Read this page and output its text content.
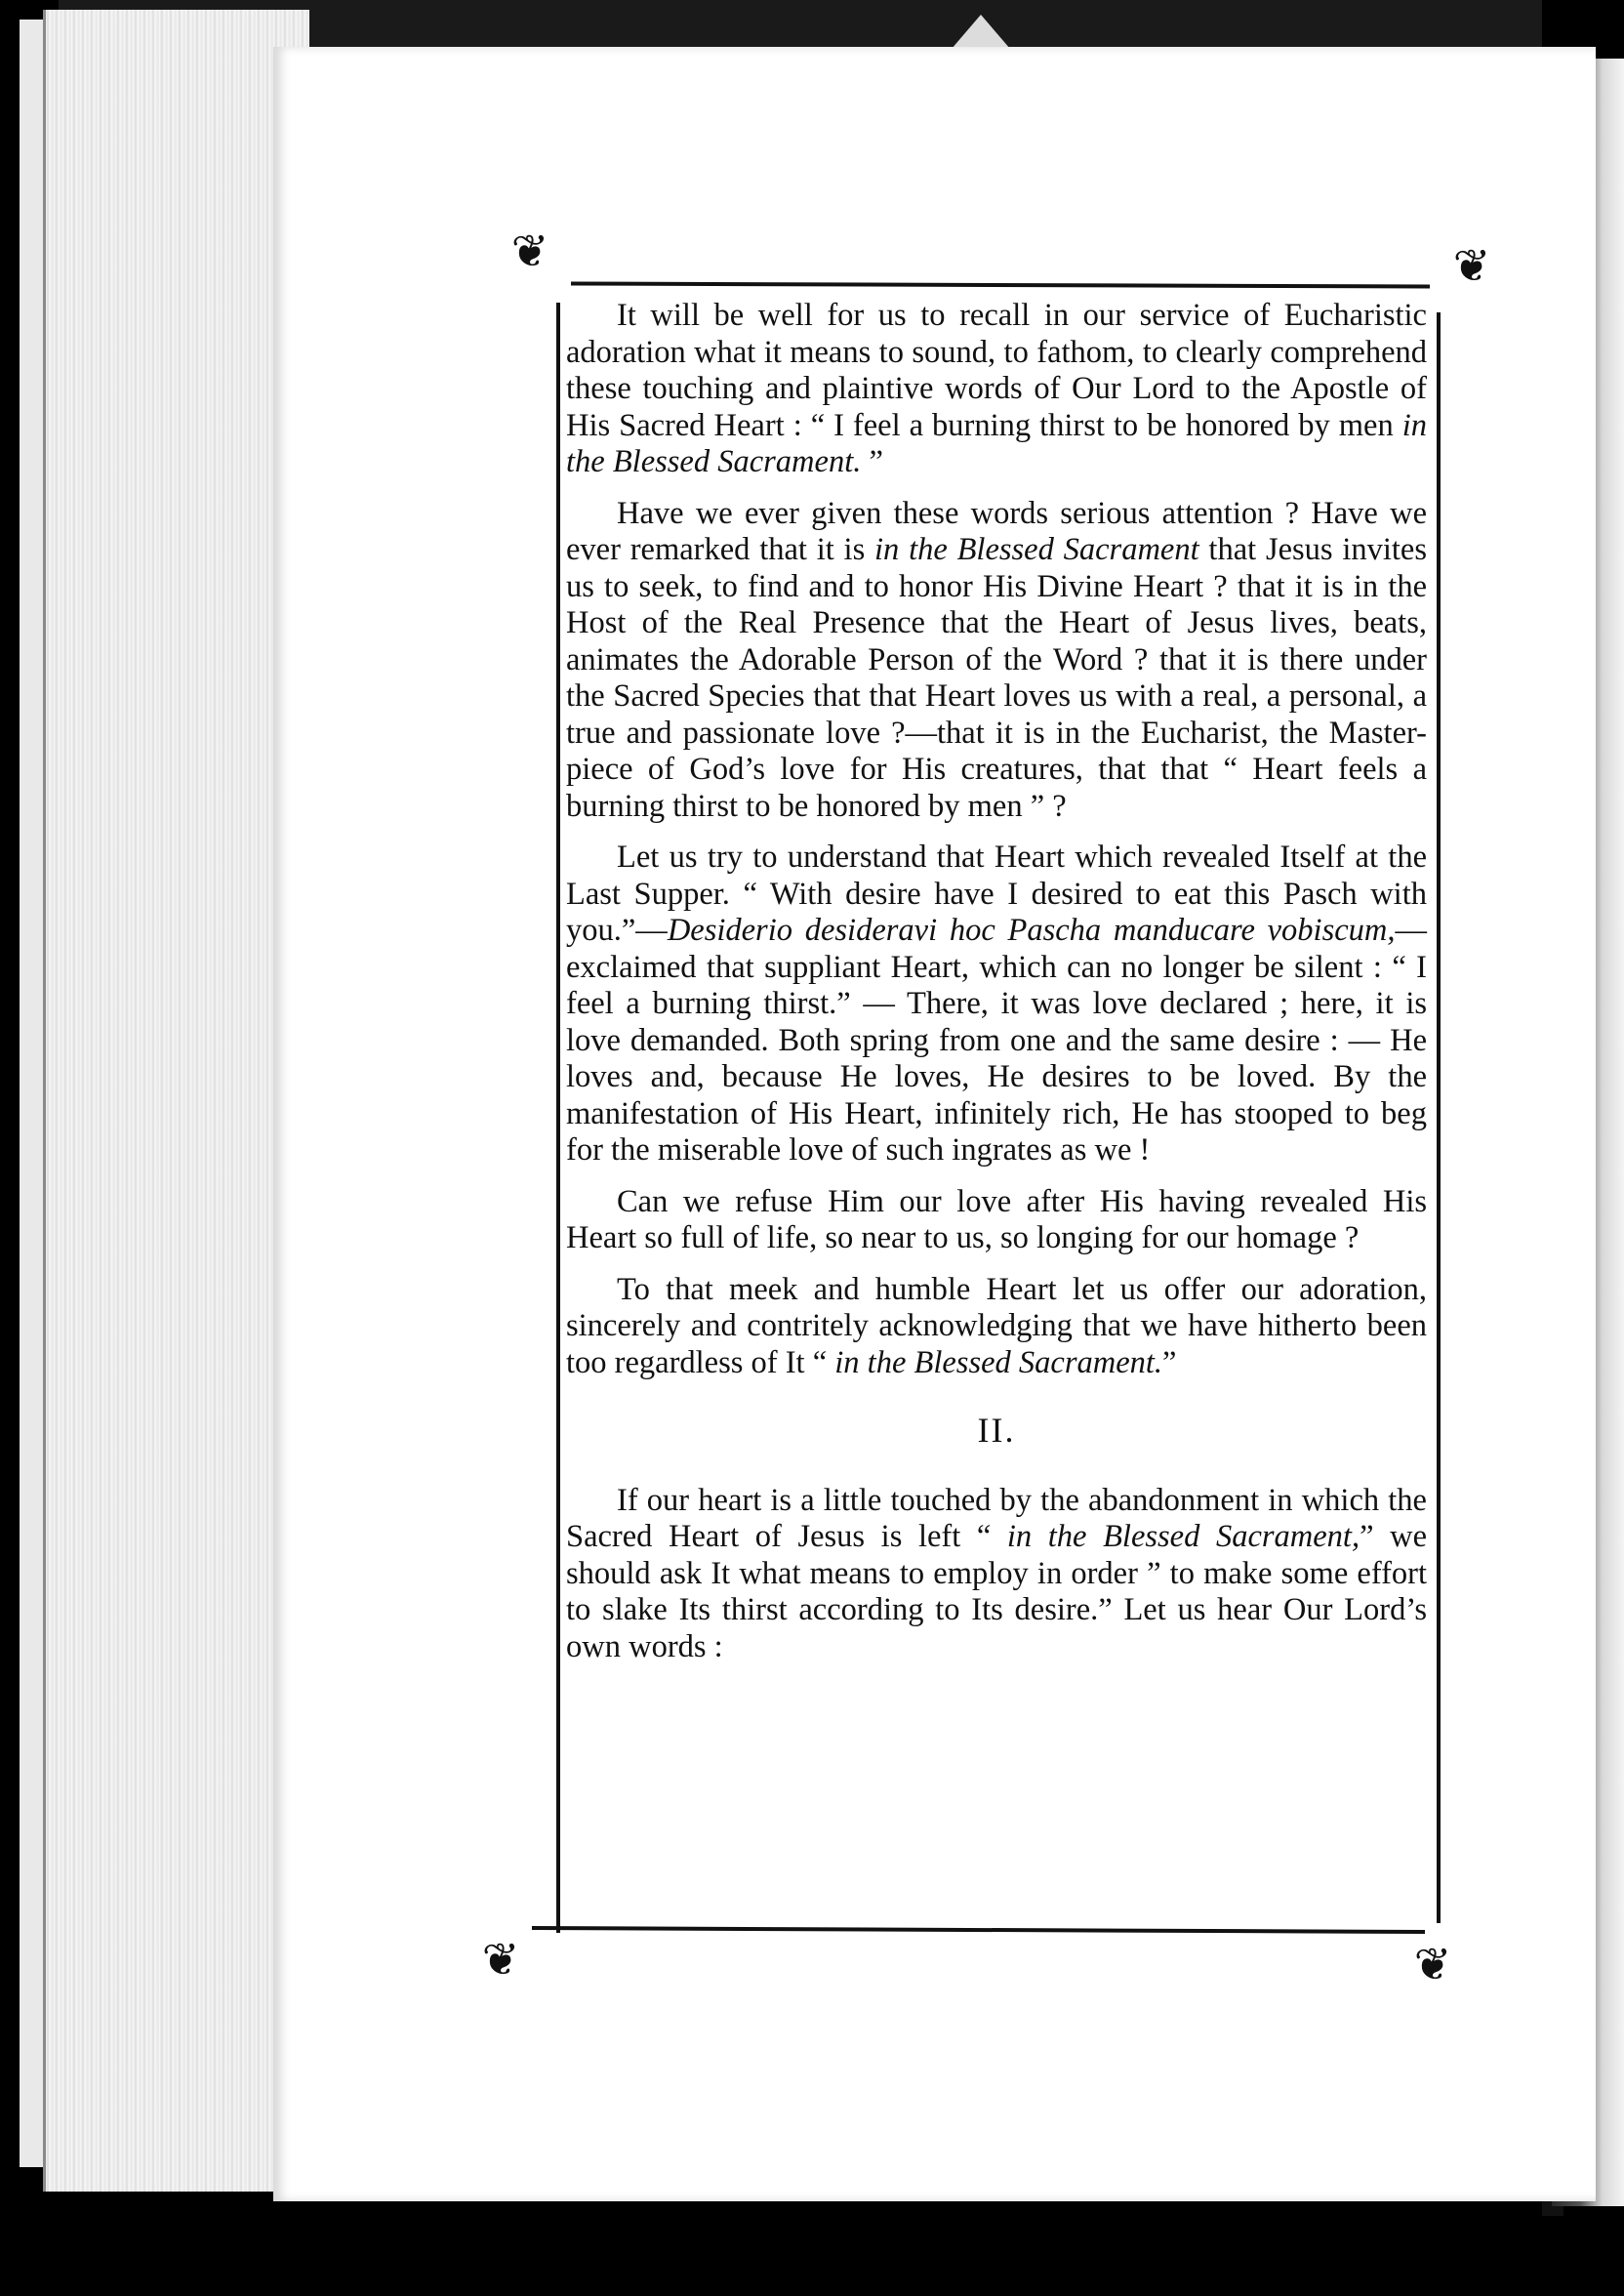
❦	❦
❦	❦

It will be well for us to recall in our service of Eucharistic adoration what it means to sound, to fathom, to clearly comprehend these touching and plaintive words of Our Lord to the Apostle of His Sacred Heart : “ I feel a burning thirst to be honored by men in the Blessed Sacrament. ”

Have we ever given these words serious attention ? Have we ever remarked that it is in the Blessed Sacrament that Jesus invites us to seek, to find and to honor His Divine Heart ? that it is in the Host of the Real Presence that the Heart of Jesus lives, beats, animates the Adorable Person of the Word ? that it is there under the Sacred Species that that Heart loves us with a real, a personal, a true and passionate love ?—that it is in the Eucharist, the Master-piece of God’s love for His creatures, that that “ Heart feels a burning thirst to be honored by men ” ?

Let us try to understand that Heart which revealed Itself at the Last Supper. “ With desire have I desired to eat this Pasch with you.”—Desiderio desideravi hoc Pascha manducare vobiscum,—exclaimed that suppliant Heart, which can no longer be silent : “ I feel a burning thirst.” — There, it was love declared ; here, it is love demanded. Both spring from one and the same desire : — He loves and, because He loves, He desires to be loved. By the manifestation of His Heart, infinitely rich, He has stooped to beg for the miserable love of such ingrates as we !

Can we refuse Him our love after His having revealed His Heart so full of life, so near to us, so longing for our homage ?

To that meek and humble Heart let us offer our adoration, sincerely and contritely acknowledging that we have hitherto been too regardless of It “ in the Blessed Sacrament.”

II.

If our heart is a little touched by the abandonment in which the Sacred Heart of Jesus is left “ in the Blessed Sacrament,” we should ask It what means to employ in order ” to make some effort to slake Its thirst according to Its desire.” Let us hear Our Lord’s own words :
